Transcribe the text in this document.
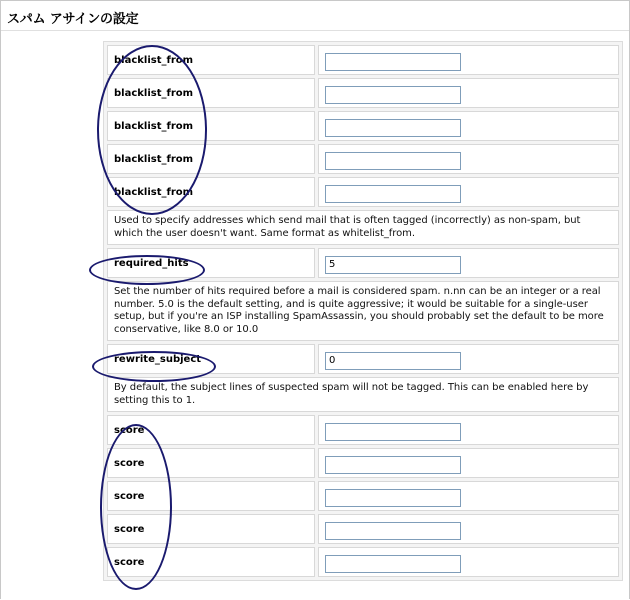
スパム アサインの設定
blacklist_from	
blacklist_from	
blacklist_from	
blacklist_from	
blacklist_from	
Used to specify addresses which send mail that is often tagged (incorrectly) as non-spam, but which the user doesn't want. Same format as whitelist_from.	
required_hits	5
Set the number of hits required before a mail is considered spam. n.nn can be an integer or a real number. 5.0 is the default setting, and is quite aggressive; it would be suitable for a single-user setup, but if you're an ISP installing SpamAssassin, you should probably set the default to be more conservative, like 8.0 or 10.0	
rewrite_subject	0
By default, the subject lines of suspected spam will not be tagged. This can be enabled here by setting this to 1.	
score	
score	
score	
score	
score	
